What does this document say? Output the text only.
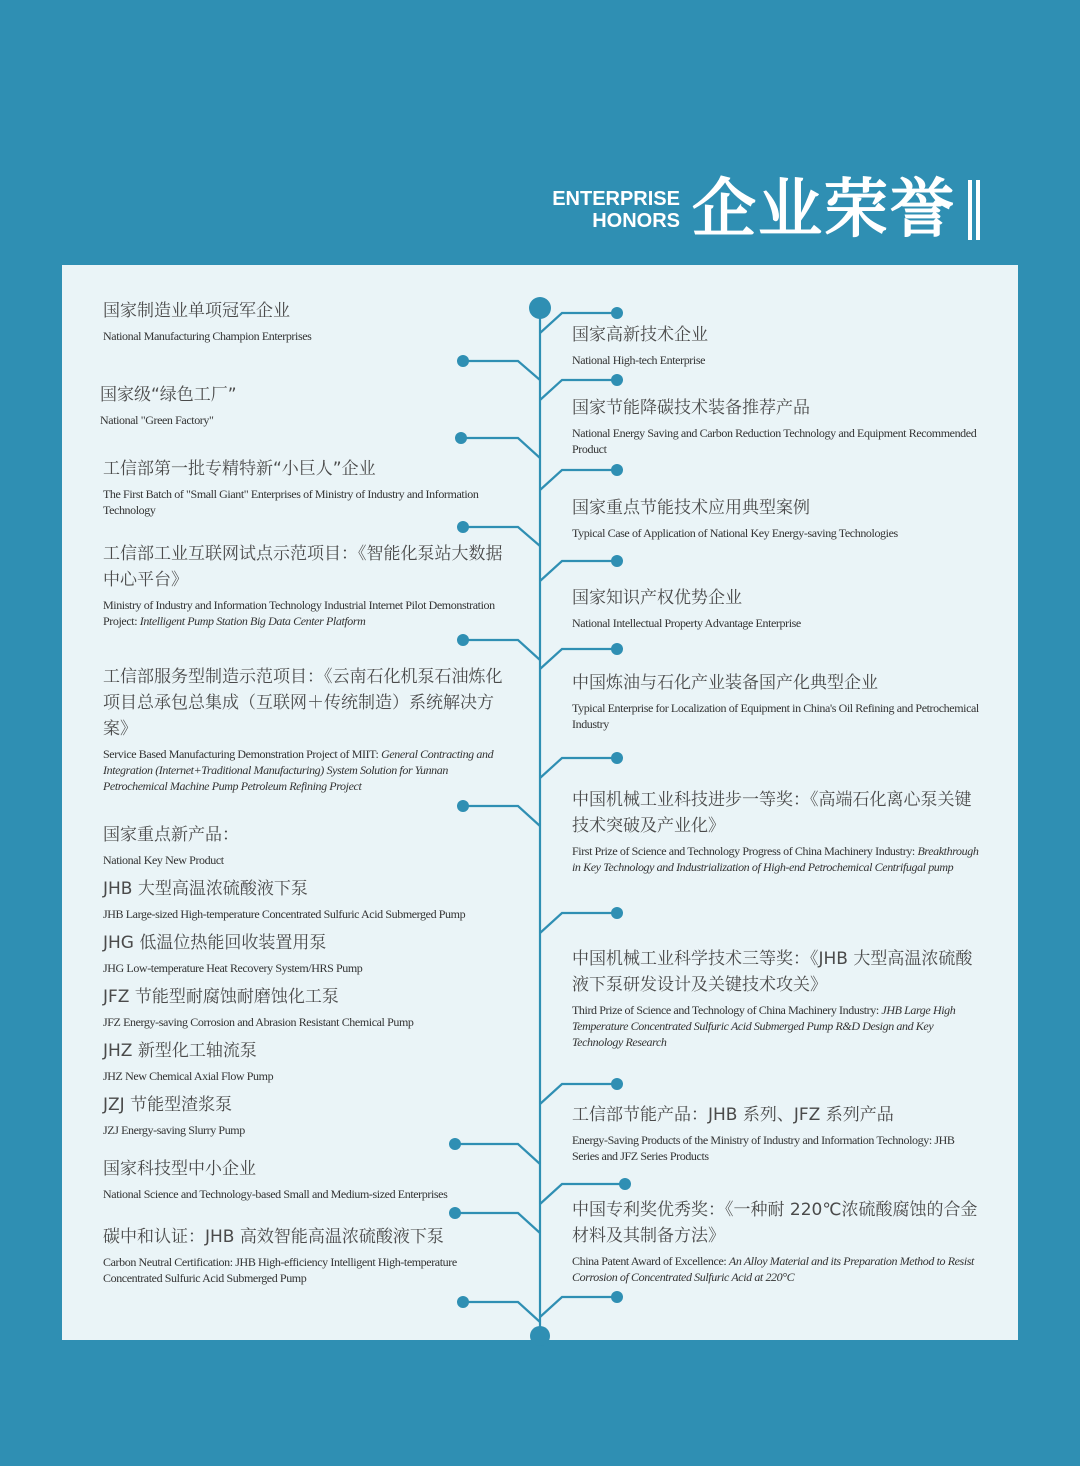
ENTERPRISE
HONORS 企业荣誉
国家制造业单项冠军企业
National Manufacturing Champion Enterprises
国家级“绿色工厂”
National "Green Factory"
工信部第一批专精特新“小巨人”企业
The First Batch of "Small Giant" Enterprises of Ministry of Industry and Information Technology
工信部工业互联网试点示范项目：《智能化泵站大数据中心平台》
Ministry of Industry and Information Technology Industrial Internet Pilot Demonstration Project: Intelligent Pump Station Big Data Center Platform
工信部服务型制造示范项目：《云南石化机泵石油炼化项目总承包总集成（互联网＋传统制造）系统解决方案》
Service Based Manufacturing Demonstration Project of MIIT: General Contracting and Integration (Internet+Traditional Manufacturing) System Solution for Yunnan Petrochemical Machine Pump Petroleum Refining Project
国家重点新产品：
National Key New Product
JHB 大型高温浓硫酸液下泵
JHB Large-sized High-temperature Concentrated Sulfuric Acid Submerged Pump
JHG 低温位热能回收装置用泵
JHG Low-temperature Heat Recovery System/HRS Pump
JFZ 节能型耐腐蚀耐磨蚀化工泵
JFZ Energy-saving Corrosion and Abrasion Resistant Chemical Pump
JHZ 新型化工轴流泵
JHZ New Chemical Axial Flow Pump
JZJ 节能型渣浆泵
JZJ Energy-saving Slurry Pump
国家科技型中小企业
National Science and Technology-based Small and Medium-sized Enterprises
碳中和认证：JHB 高效智能高温浓硫酸液下泵
Carbon Neutral Certification: JHB High-efficiency Intelligent High-temperature Concentrated Sulfuric Acid Submerged Pump
国家高新技术企业
National High-tech Enterprise
国家节能降碳技术装备推荐产品
National Energy Saving and Carbon Reduction Technology and Equipment Recommended Product
国家重点节能技术应用典型案例
Typical Case of Application of National Key Energy-saving Technologies
国家知识产权优势企业
National Intellectual Property Advantage Enterprise
中国炼油与石化产业装备国产化典型企业
Typical Enterprise for Localization of Equipment in China's Oil Refining and Petrochemical Industry
中国机械工业科技进步一等奖：《高端石化离心泵关键技术突破及产业化》
First Prize of Science and Technology Progress of China Machinery Industry: Breakthrough in Key Technology and Industrialization of High-end Petrochemical Centrifugal pump
中国机械工业科学技术三等奖：《JHB 大型高温浓硫酸液下泵研发设计及关键技术攻关》
Third Prize of Science and Technology of China Machinery Industry: JHB Large High Temperature Concentrated Sulfuric Acid Submerged Pump R&D Design and Key Technology Research
工信部节能产品：JHB 系列、JFZ 系列产品
Energy-Saving Products of the Ministry of Industry and Information Technology: JHB Series and JFZ Series Products
中国专利奖优秀奖：《一种耐 220℃浓硫酸腐蚀的合金材料及其制备方法》
China Patent Award of Excellence: An Alloy Material and its Preparation Method to Resist Corrosion of Concentrated Sulfuric Acid at 220°C
